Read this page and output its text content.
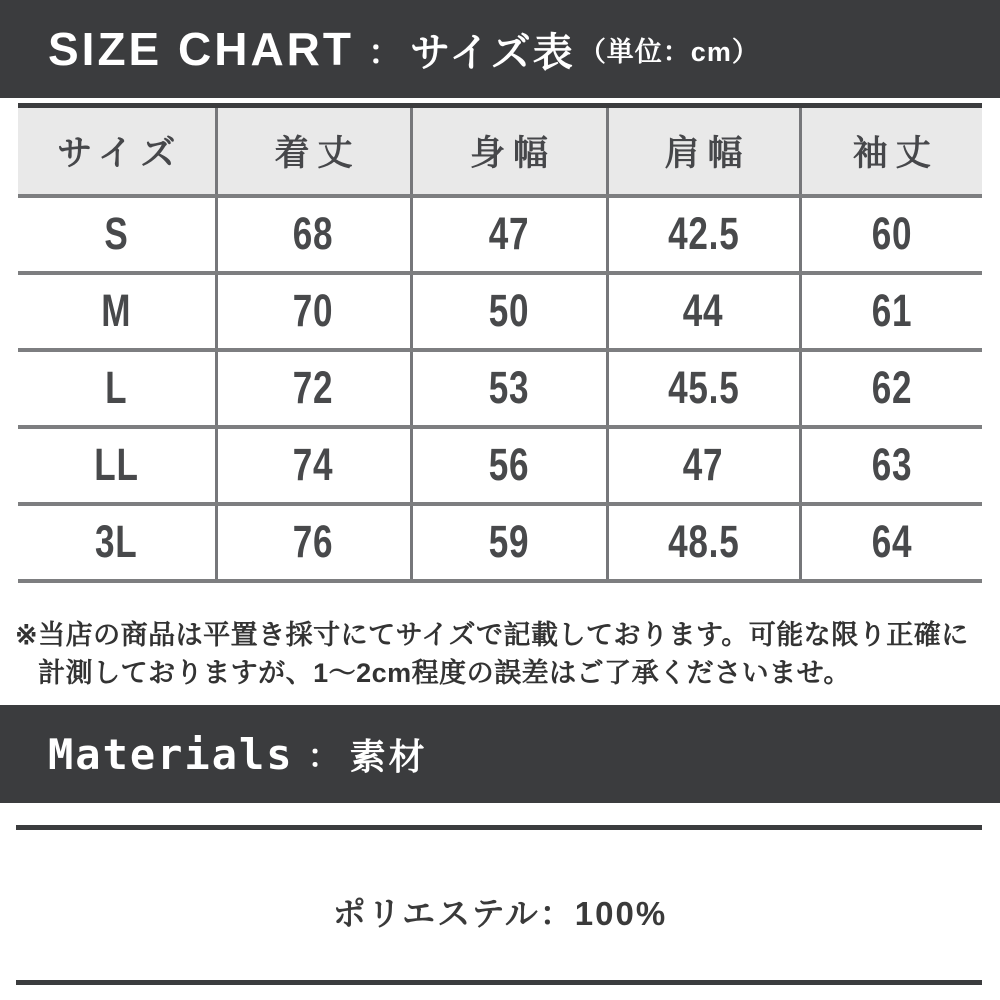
SIZE CHART ： サイズ表 （単位：cm）
サイズ	着丈	身幅	肩幅	袖丈
S	68	47	42.5	60
M	70	50	44	61
L	72	53	45.5	62
LL	74	56	47	63
3L	76	59	48.5	64
※ 当店の商品は平置き採寸にてサイズで記載しております。可能な限り正確に
計測しておりますが、1〜2cm程度の誤差はご了承くださいませ。
Materials ： 素材
ポリエステル：100%
